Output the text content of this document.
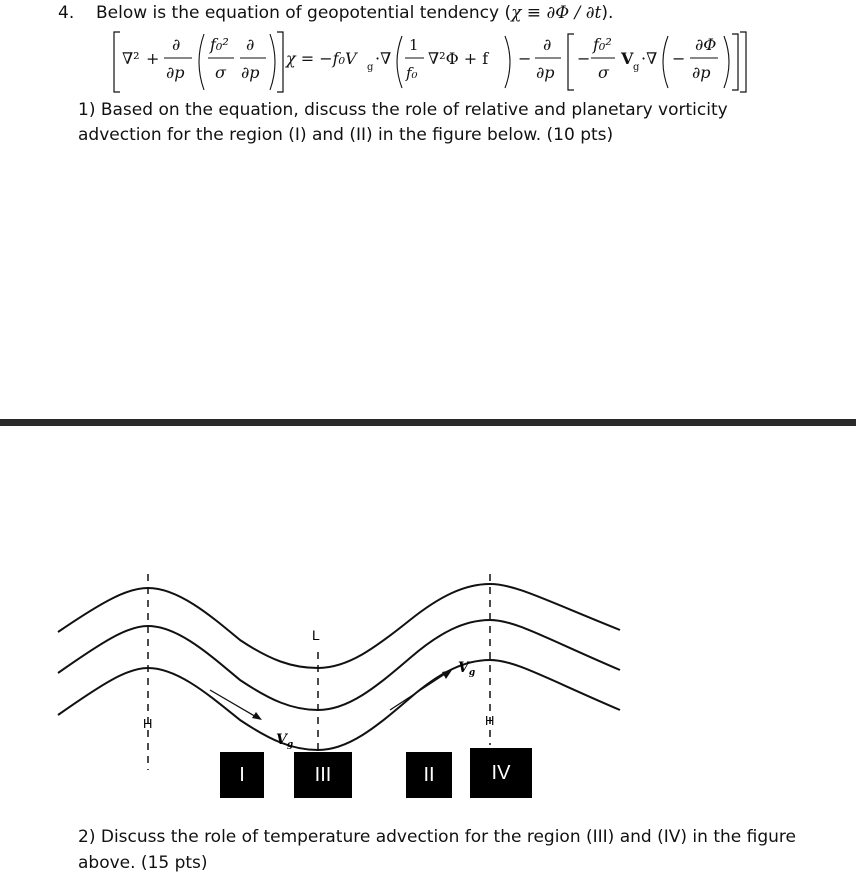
4. Below is the equation of geopotential tendency (χ ≡ ∂Φ / ∂t).
∇² +
∂
∂p
f₀²
σ
∂
∂p
χ = −f₀V g ·∇
1
f₀
∇²Φ + f −
∂
∂p
−
f₀²
σ
V g ·∇ −
∂Φ
∂p
1) Based on the equation, discuss the role of relative and planetary vorticity advection for the region (I) and (II) in the figure below. (10 pts)
L
H	H
$V_g$
$V_g$
I	III	II	IV
2) Discuss the role of temperature advection for the region (III) and (IV) in the figure above. (15 pts)
